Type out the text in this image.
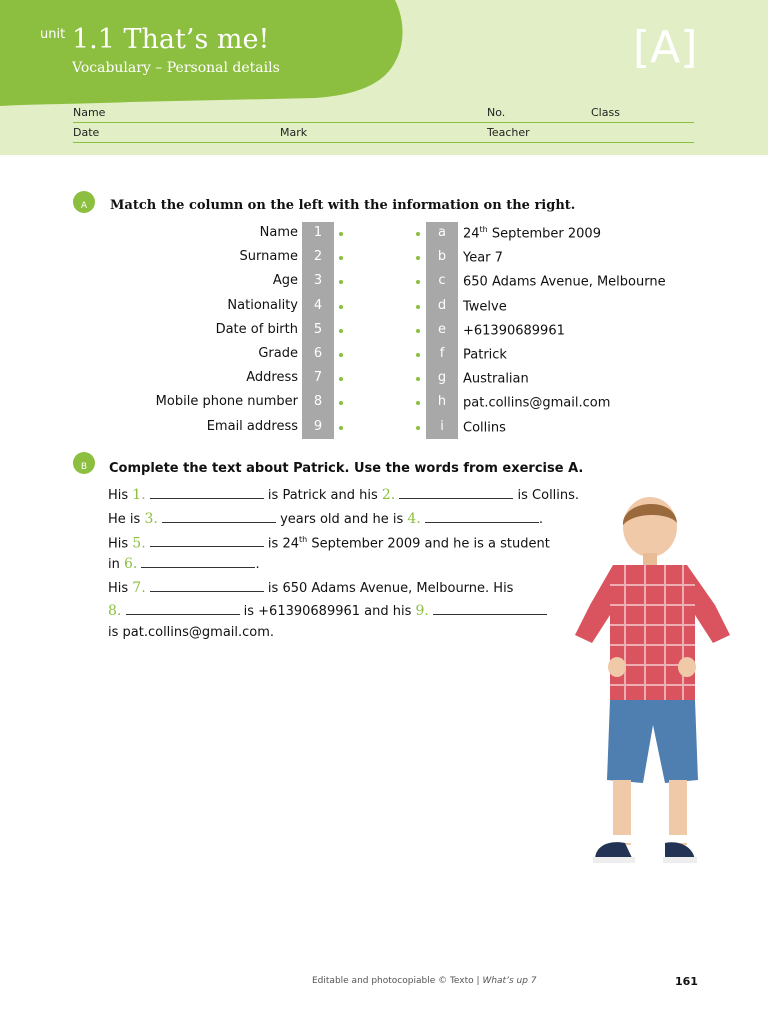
unit 1.1 That’s me!
Vocabulary – Personal details	[A]
Name	No.	Class
Date	Mark	Teacher
A	Match the column on the left with the information on the right.
Name	1	a	24th September 2009
Surname	2	b	Year 7
Age	3	c	650 Adams Avenue, Melbourne
Nationality	4	d	Twelve
Date of birth	5	e	+61390689961
Grade	6	f	Patrick
Address	7	g	Australian
Mobile phone number	8	h	pat.collins@gmail.com
Email address	9	i	Collins
B	Complete the text about Patrick. Use the words from exercise A.
His 1.	is Patrick and his 2.	is Collins.
He is 3.	years old and he is 4.	.
His 5.	is 24th September 2009 and he is a student
in 6.	.
His 7.	is 650 Adams Avenue, Melbourne. His
8.	is +61390689961 and his 9.
is pat.collins@gmail.com.
Editable and photocopiable © Texto | What’s up 7	161
